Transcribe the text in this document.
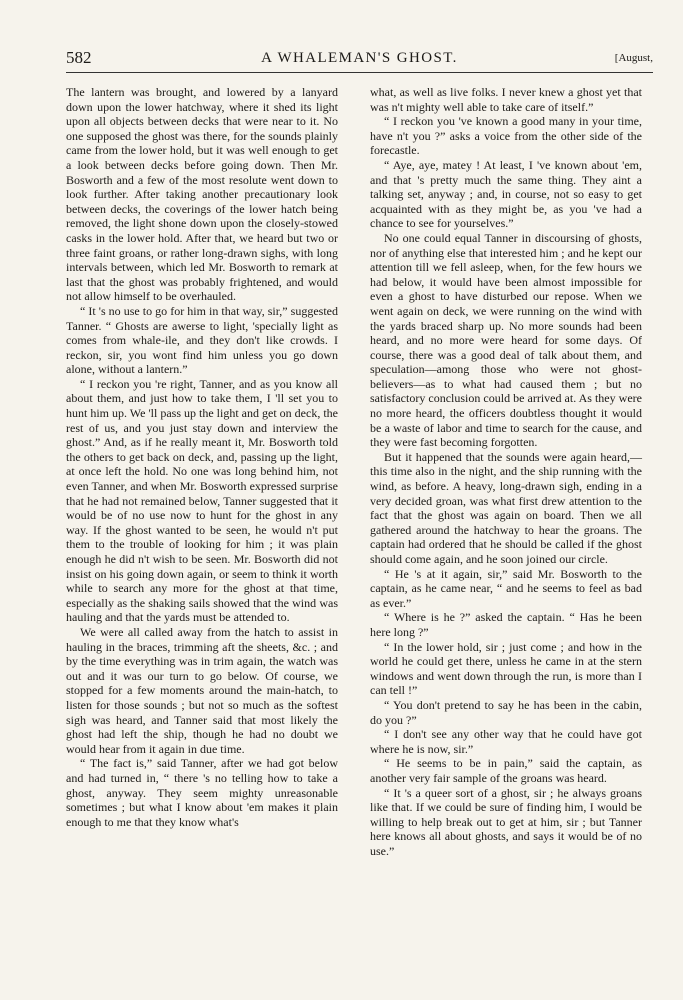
582	A WHALEMAN'S GHOST.	[August,

The lantern was brought, and lowered by a lanyard down upon the lower hatchway, where it shed its light upon all objects between decks that were near to it. No one supposed the ghost was there, for the sounds plainly came from the lower hold, but it was well enough to get a look between decks before going down. Then Mr. Bosworth and a few of the most resolute went down to look further. After taking another precautionary look between decks, the coverings of the lower hatch being removed, the light shone down upon the closely-stowed casks in the lower hold. After that, we heard but two or three faint groans, or rather long-drawn sighs, with long intervals between, which led Mr. Bosworth to remark at last that the ghost was probably frightened, and would not allow himself to be overhauled.

“ It 's no use to go for him in that way, sir,” suggested Tanner. “ Ghosts are awerse to light, 'specially light as comes from whale-ile, and they don't like crowds. I reckon, sir, you wont find him unless you go down alone, without a lantern.”

“ I reckon you 're right, Tanner, and as you know all about them, and just how to take them, I 'll set you to hunt him up. We 'll pass up the light and get on deck, the rest of us, and you just stay down and interview the ghost.” And, as if he really meant it, Mr. Bosworth told the others to get back on deck, and, passing up the light, at once left the hold. No one was long behind him, not even Tanner, and when Mr. Bosworth expressed surprise that he had not remained below, Tanner suggested that it would be of no use now to hunt for the ghost in any way. If the ghost wanted to be seen, he would n't put them to the trouble of looking for him ; it was plain enough he did n't wish to be seen. Mr. Bosworth did not insist on his going down again, or seem to think it worth while to search any more for the ghost at that time, especially as the shaking sails showed that the wind was hauling and that the yards must be attended to.

We were all called away from the hatch to assist in hauling in the braces, trimming aft the sheets, &c. ; and by the time everything was in trim again, the watch was out and it was our turn to go below. Of course, we stopped for a few moments around the main-hatch, to listen for those sounds ; but not so much as the softest sigh was heard, and Tanner said that most likely the ghost had left the ship, though he had no doubt we would hear from it again in due time.

“ The fact is,” said Tanner, after we had got below and had turned in, “ there 's no telling how to take a ghost, anyway. They seem mighty unreasonable sometimes ; but what I know about 'em makes it plain enough to me that they know what's

what, as well as live folks. I never knew a ghost yet that was n't mighty well able to take care of itself.”

“ I reckon you 've known a good many in your time, have n't you ?” asks a voice from the other side of the forecastle.

“ Aye, aye, matey ! At least, I 've known about 'em, and that 's pretty much the same thing. They aint a talking set, anyway ; and, in course, not so easy to get acquainted with as they might be, as you 've had a chance to see for yourselves.”

No one could equal Tanner in discoursing of ghosts, nor of anything else that interested him ; and he kept our attention till we fell asleep, when, for the few hours we had below, it would have been almost impossible for even a ghost to have disturbed our repose. When we went again on deck, we were running on the wind with the yards braced sharp up. No more sounds had been heard, and no more were heard for some days. Of course, there was a good deal of talk about them, and speculation—among those who were not ghost-believers—as to what had caused them ; but no satisfactory conclusion could be arrived at. As they were no more heard, the officers doubtless thought it would be a waste of labor and time to search for the cause, and they were fast becoming forgotten.

But it happened that the sounds were again heard,—this time also in the night, and the ship running with the wind, as before. A heavy, long-drawn sigh, ending in a very decided groan, was what first drew attention to the fact that the ghost was again on board. Then we all gathered around the hatchway to hear the groans. The captain had ordered that he should be called if the ghost should come again, and he soon joined our circle.

“ He 's at it again, sir,” said Mr. Bosworth to the captain, as he came near, “ and he seems to feel as bad as ever.”

“ Where is he ?” asked the captain. “ Has he been here long ?”

“ In the lower hold, sir ; just come ; and how in the world he could get there, unless he came in at the stern windows and went down through the run, is more than I can tell !”

“ You don't pretend to say he has been in the cabin, do you ?”

“ I don't see any other way that he could have got where he is now, sir.”

“ He seems to be in pain,” said the captain, as another very fair sample of the groans was heard.

“ It 's a queer sort of a ghost, sir ; he always groans like that. If we could be sure of finding him, I would be willing to help break out to get at him, sir ; but Tanner here knows all about ghosts, and says it would be of no use.”
